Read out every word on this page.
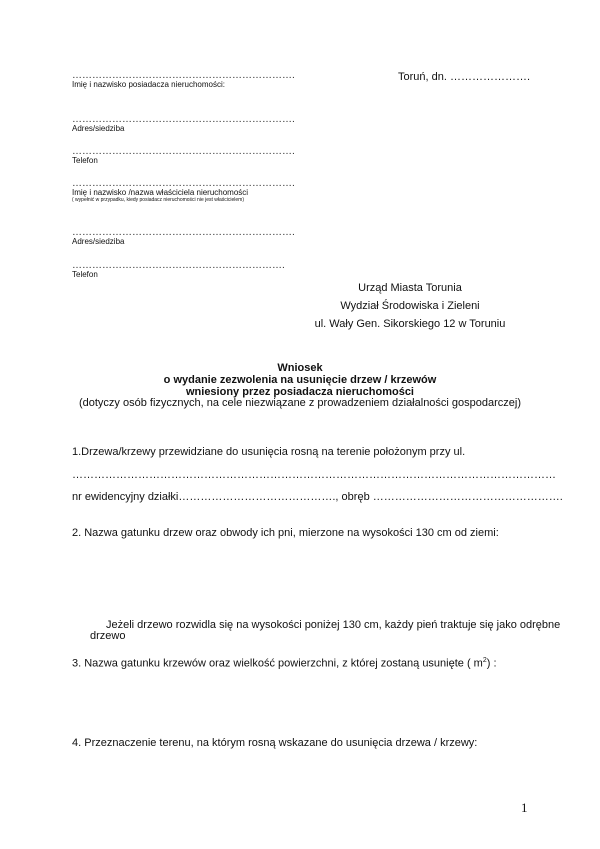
………………………………………………………….
Imię i nazwisko posiadacza nieruchomości:
Toruń, dn. ………………….
………………………………………………………….
Adres/siedziba
………………………………………………………….
Telefon
………………………………………………………….
Imię i nazwisko /nazwa właściciela nieruchomości
( wypełnić w przypadku, kiedy posiadacz nieruchomości nie jest właścicielem)
………………………………………………………….
Adres/siedziba
……………………………………………………….
Telefon
Urząd Miasta Torunia
Wydział Środowiska i Zieleni
ul. Wały Gen. Sikorskiego 12 w Toruniu
Wniosek
o wydanie zezwolenia na usunięcie drzew / krzewów
wniesiony przez posiadacza nieruchomości
(dotyczy osób fizycznych, na cele niezwiązane z prowadzeniem działalności gospodarczej)
1.Drzewa/krzewy przewidziane do usunięcia rosną na terenie położonym przy ul.
……………………………………………………………………………………………………………………
nr ewidencyjny działki……………………………………., obręb …………………………………………….
2. Nazwa gatunku drzew oraz obwody ich pni, mierzone na wysokości 130 cm od ziemi:
Jeżeli drzewo rozwidla się na wysokości poniżej 130 cm, każdy pień traktuje się jako odrębne
drzewo
3. Nazwa gatunku krzewów oraz wielkość powierzchni, z której zostaną usunięte ( $m^2$) :
4. Przeznaczenie terenu, na którym rosną wskazane do usunięcia drzewa / krzewy:
1
